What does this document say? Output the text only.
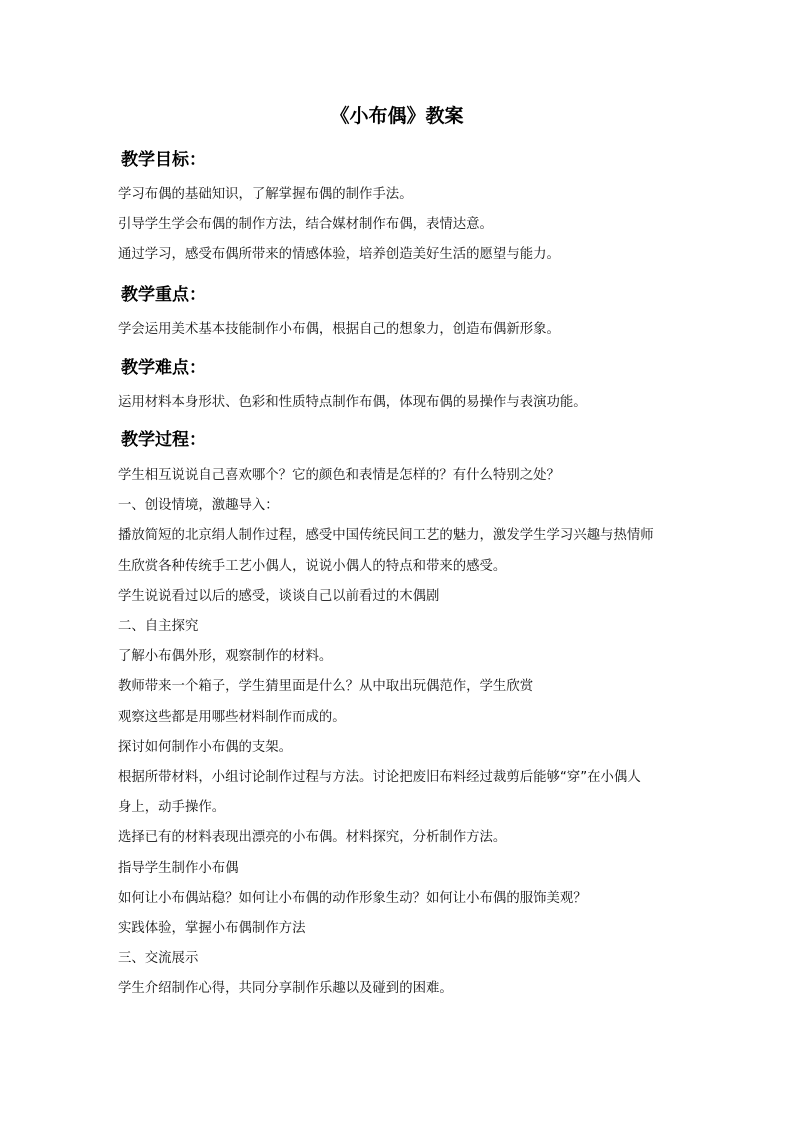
《小布偶》教案
教学目标：

学习布偶的基础知识，了解掌握布偶的制作手法。

引导学生学会布偶的制作方法，结合媒材制作布偶，表情达意。

通过学习，感受布偶所带来的情感体验，培养创造美好生活的愿望与能力。

教学重点：

学会运用美术基本技能制作小布偶，根据自己的想象力，创造布偶新形象。

教学难点：

运用材料本身形状、色彩和性质特点制作布偶，体现布偶的易操作与表演功能。

教学过程：

学生相互说说自己喜欢哪个？它的颜色和表情是怎样的？有什么特别之处？

一、创设情境，激趣导入：

播放简短的北京绢人制作过程，感受中国传统民间工艺的魅力，激发学生学习兴趣与热情师

生欣赏各种传统手工艺小偶人，说说小偶人的特点和带来的感受。

学生说说看过以后的感受，谈谈自己以前看过的木偶剧

二、自主探究

了解小布偶外形，观察制作的材料。

教师带来一个箱子，学生猜里面是什么？从中取出玩偶范作，学生欣赏

观察这些都是用哪些材料制作而成的。

探讨如何制作小布偶的支架。

根据所带材料，小组讨论制作过程与方法。讨论把废旧布料经过裁剪后能够“穿”在小偶人

身上，动手操作。

选择已有的材料表现出漂亮的小布偶。材料探究，分析制作方法。

指导学生制作小布偶

如何让小布偶站稳？如何让小布偶的动作形象生动？如何让小布偶的服饰美观？

实践体验，掌握小布偶制作方法

三、交流展示

学生介绍制作心得，共同分享制作乐趣以及碰到的困难。
